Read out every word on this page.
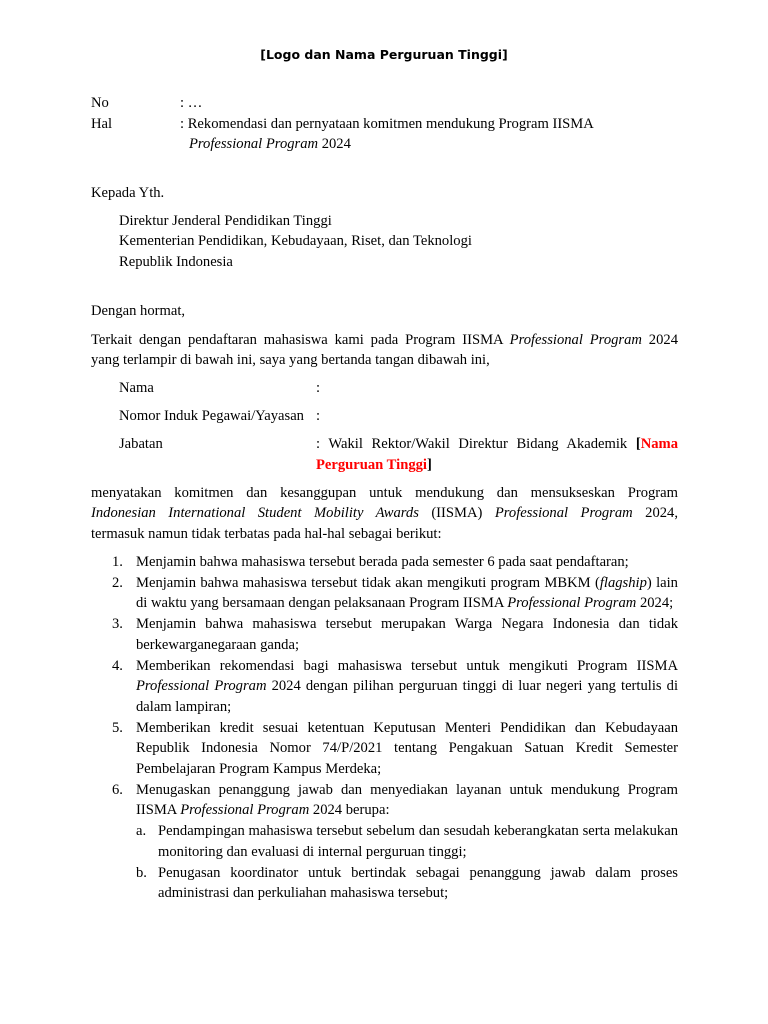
[Logo dan Nama Perguruan Tinggi]
No	: …
Hal	: Rekomendasi dan pernyataan komitmen mendukung Program IISMA
Professional Program 2024
Kepada Yth.
Direktur Jenderal Pendidikan Tinggi
Kementerian Pendidikan, Kebudayaan, Riset, dan Teknologi
Republik Indonesia
Dengan hormat,
Terkait dengan pendaftaran mahasiswa kami pada Program IISMA Professional Program 2024
yang terlampir di bawah ini, saya yang bertanda tangan dibawah ini,
Nama	:
Nomor Induk Pegawai/Yayasan :
Jabatan	: Wakil Rektor/Wakil Direktur Bidang Akademik [Nama
Perguruan Tinggi]
menyatakan komitmen dan kesanggupan untuk mendukung dan mensukseskan Program
Indonesian International Student Mobility Awards (IISMA) Professional Program 2024,
termasuk namun tidak terbatas pada hal-hal sebagai berikut:
1. Menjamin bahwa mahasiswa tersebut berada pada semester 6 pada saat pendaftaran;
2. Menjamin bahwa mahasiswa tersebut tidak akan mengikuti program MBKM (flagship) lain di waktu yang bersamaan dengan pelaksanaan Program IISMA Professional Program 2024;
3. Menjamin bahwa mahasiswa tersebut merupakan Warga Negara Indonesia dan tidak berkewarganegaraan ganda;
4. Memberikan rekomendasi bagi mahasiswa tersebut untuk mengikuti Program IISMA Professional Program 2024 dengan pilihan perguruan tinggi di luar negeri yang tertulis di dalam lampiran;
5. Memberikan kredit sesuai ketentuan Keputusan Menteri Pendidikan dan Kebudayaan Republik Indonesia Nomor 74/P/2021 tentang Pengakuan Satuan Kredit Semester Pembelajaran Program Kampus Merdeka;
6. Menugaskan penanggung jawab dan menyediakan layanan untuk mendukung Program IISMA Professional Program 2024 berupa:
a. Pendampingan mahasiswa tersebut sebelum dan sesudah keberangkatan serta melakukan monitoring dan evaluasi di internal perguruan tinggi;
b. Penugasan koordinator untuk bertindak sebagai penanggung jawab dalam proses administrasi dan perkuliahan mahasiswa tersebut;
